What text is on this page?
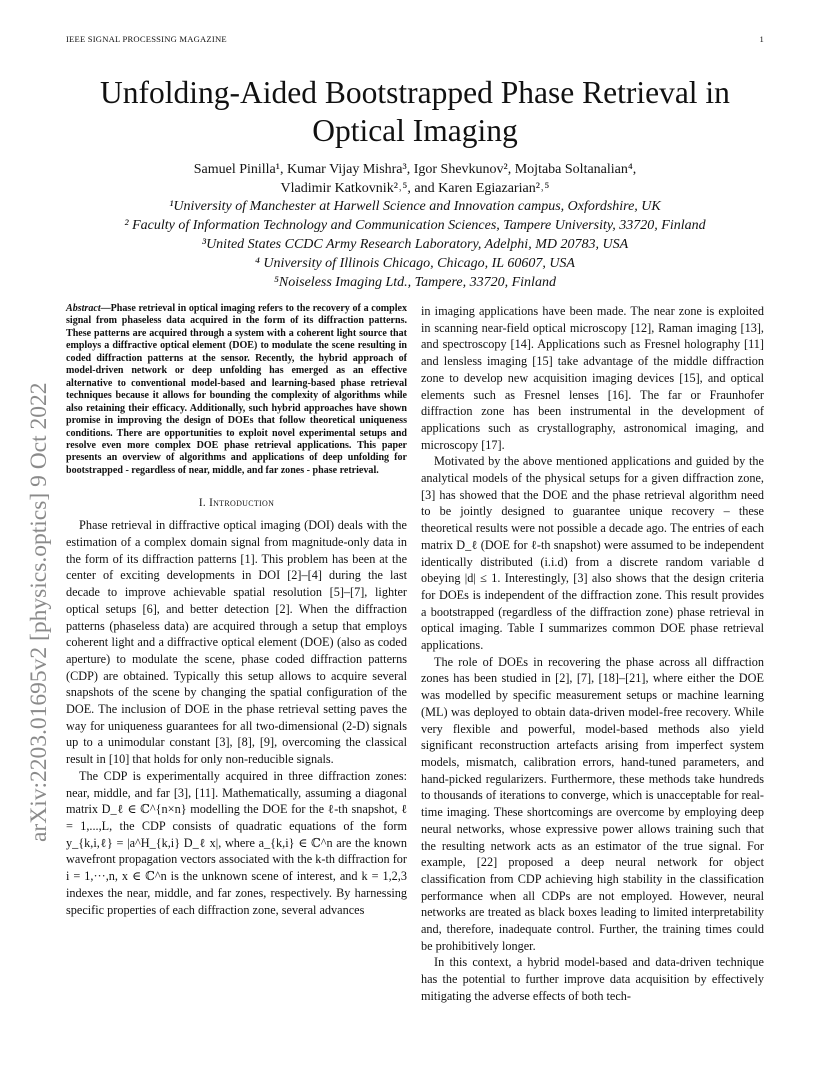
IEEE SIGNAL PROCESSING MAGAZINE	1
arXiv:2203.01695v2 [physics.optics] 9 Oct 2022
Unfolding-Aided Bootstrapped Phase Retrieval in
Optical Imaging
Samuel Pinilla¹, Kumar Vijay Mishra³, Igor Shevkunov², Mojtaba Soltanalian⁴,
Vladimir Katkovnik²˒⁵, and Karen Egiazarian²˒⁵
¹University of Manchester at Harwell Science and Innovation campus, Oxfordshire, UK
² Faculty of Information Technology and Communication Sciences, Tampere University, 33720, Finland
³United States CCDC Army Research Laboratory, Adelphi, MD 20783, USA
⁴ University of Illinois Chicago, Chicago, IL 60607, USA
⁵Noiseless Imaging Ltd., Tampere, 33720, Finland

Abstract—Phase retrieval in optical imaging refers to the recovery of a complex signal from phaseless data acquired in the form of its diffraction patterns. These patterns are acquired through a system with a coherent light source that employs a diffractive optical element (DOE) to modulate the scene resulting in coded diffraction patterns at the sensor. Recently, the hybrid approach of model-driven network or deep unfolding has emerged as an effective alternative to conventional model-based and learning-based phase retrieval techniques because it allows for bounding the complexity of algorithms while also retaining their efficacy. Additionally, such hybrid approaches have shown promise in improving the design of DOEs that follow theoretical uniqueness conditions. There are opportunities to exploit novel experimental setups and resolve even more complex DOE phase retrieval applications. This paper presents an overview of algorithms and applications of deep unfolding for bootstrapped - regardless of near, middle, and far zones - phase retrieval.

I. Introduction

Phase retrieval in diffractive optical imaging (DOI) deals with the estimation of a complex domain signal from magnitude-only data in the form of its diffraction patterns [1]. This problem has been at the center of exciting developments in DOI [2]–[4] during the last decade to improve achievable spatial resolution [5]–[7], lighter optical setups [6], and better detection [2]. When the diffraction patterns (phaseless data) are acquired through a setup that employs coherent light and a diffractive optical element (DOE) (also as coded aperture) to modulate the scene, phase coded diffraction patterns (CDP) are obtained. Typically this setup allows to acquire several snapshots of the scene by changing the spatial configuration of the DOE. The inclusion of DOE in the phase retrieval setting paves the way for uniqueness guarantees for all two-dimensional (2-D) signals up to a unimodular constant [3], [8], [9], overcoming the classical result in [10] that holds for only non-reducible signals.

The CDP is experimentally acquired in three diffraction zones: near, middle, and far [3], [11]. Mathematically, assuming a diagonal matrix D_ℓ ∈ ℂ^{n×n} modelling the DOE for the ℓ-th snapshot, ℓ = 1,...,L, the CDP consists of quadratic equations of the form y_{k,i,ℓ} = |a^H_{k,i} D_ℓ x|, where a_{k,i} ∈ ℂ^n are the known wavefront propagation vectors associated with the k-th diffraction for i = 1,···,n, x ∈ ℂ^n is the unknown scene of interest, and k = 1,2,3 indexes the near, middle, and far zones, respectively. By harnessing specific properties of each diffraction zone, several advances

in imaging applications have been made. The near zone is exploited in scanning near-field optical microscopy [12], Raman imaging [13], and spectroscopy [14]. Applications such as Fresnel holography [11] and lensless imaging [15] take advantage of the middle diffraction zone to develop new acquisition imaging devices [15], and optical elements such as Fresnel lenses [16]. The far or Fraunhofer diffraction zone has been instrumental in the development of applications such as crystallography, astronomical imaging, and microscopy [17].

Motivated by the above mentioned applications and guided by the analytical models of the physical setups for a given diffraction zone, [3] has showed that the DOE and the phase retrieval algorithm need to be jointly designed to guarantee unique recovery – these theoretical results were not possible a decade ago. The entries of each matrix D_ℓ (DOE for ℓ-th snapshot) were assumed to be independent identically distributed (i.i.d) from a discrete random variable d obeying |d| ≤ 1. Interestingly, [3] also shows that the design criteria for DOEs is independent of the diffraction zone. This result provides a bootstrapped (regardless of the diffraction zone) phase retrieval in optical imaging. Table I summarizes common DOE phase retrieval applications.

The role of DOEs in recovering the phase across all diffraction zones has been studied in [2], [7], [18]–[21], where either the DOE was modelled by specific measurement setups or machine learning (ML) was deployed to obtain data-driven model-free recovery. While very flexible and powerful, model-based methods also yield significant reconstruction artefacts arising from imperfect system models, mismatch, calibration errors, hand-tuned parameters, and hand-picked regularizers. Furthermore, these methods take hundreds to thousands of iterations to converge, which is unacceptable for real-time imaging. These shortcomings are overcome by employing deep neural networks, whose expressive power allows training such that the resulting network acts as an estimator of the true signal. For example, [22] proposed a deep neural network for object classification from CDP achieving high stability in the classification performance when all CDPs are not employed. However, neural networks are treated as black boxes leading to limited interpretability and, therefore, inadequate control. Further, the training times could be prohibitively longer.

In this context, a hybrid model-based and data-driven technique has the potential to further improve data acquisition by effectively mitigating the adverse effects of both tech-
